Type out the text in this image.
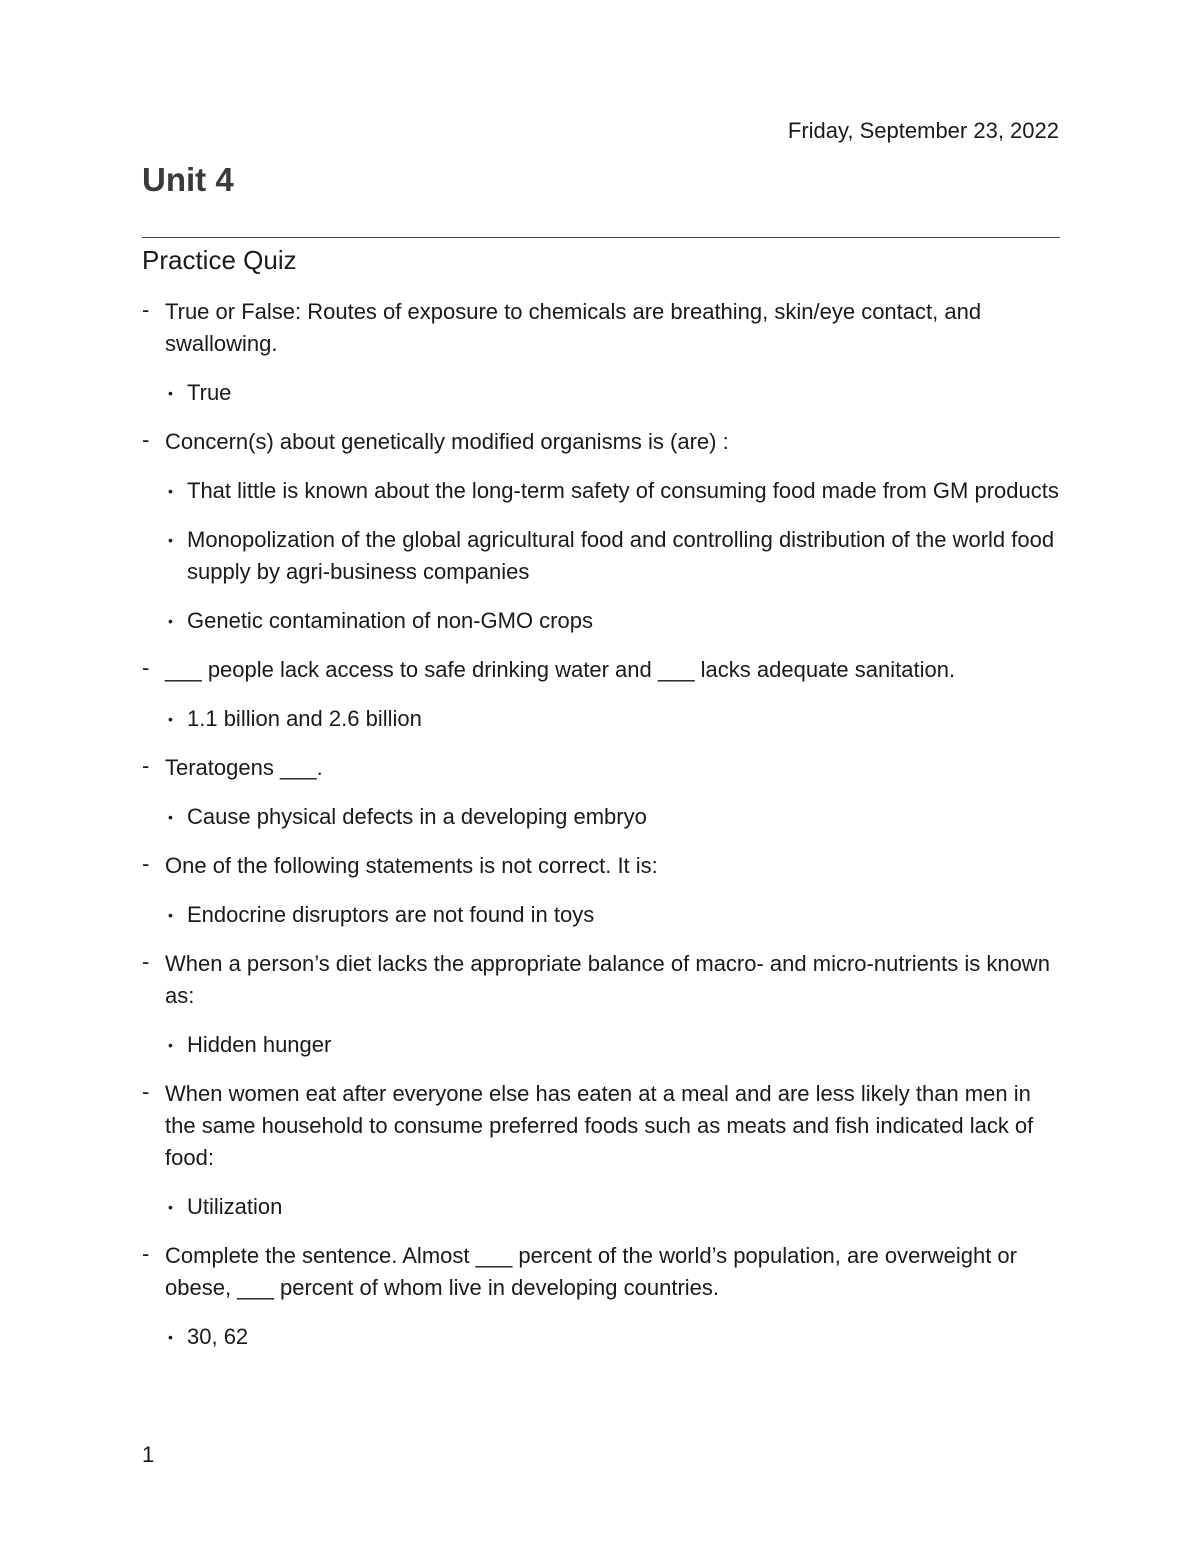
Friday, September 23, 2022
Unit 4
Practice Quiz
- True or False: Routes of exposure to chemicals are breathing, skin/eye contact, and swallowing.
• True
- Concern(s) about genetically modified organisms is (are) :
• That little is known about the long-term safety of consuming food made from GM products
• Monopolization of the global agricultural food and controlling distribution of the world food supply by agri-business companies
• Genetic contamination of non-GMO crops
- ___ people lack access to safe drinking water and ___ lacks adequate sanitation.
• 1.1 billion and 2.6 billion
- Teratogens ___.
• Cause physical defects in a developing embryo
- One of the following statements is not correct. It is:
• Endocrine disruptors are not found in toys
- When a person’s diet lacks the appropriate balance of macro- and micro-nutrients is known as:
• Hidden hunger
- When women eat after everyone else has eaten at a meal and are less likely than men in the same household to consume preferred foods such as meats and fish indicated lack of food:
• Utilization
- Complete the sentence. Almost ___ percent of the world’s population, are overweight or obese, ___ percent of whom live in developing countries.
• 30, 62
1
